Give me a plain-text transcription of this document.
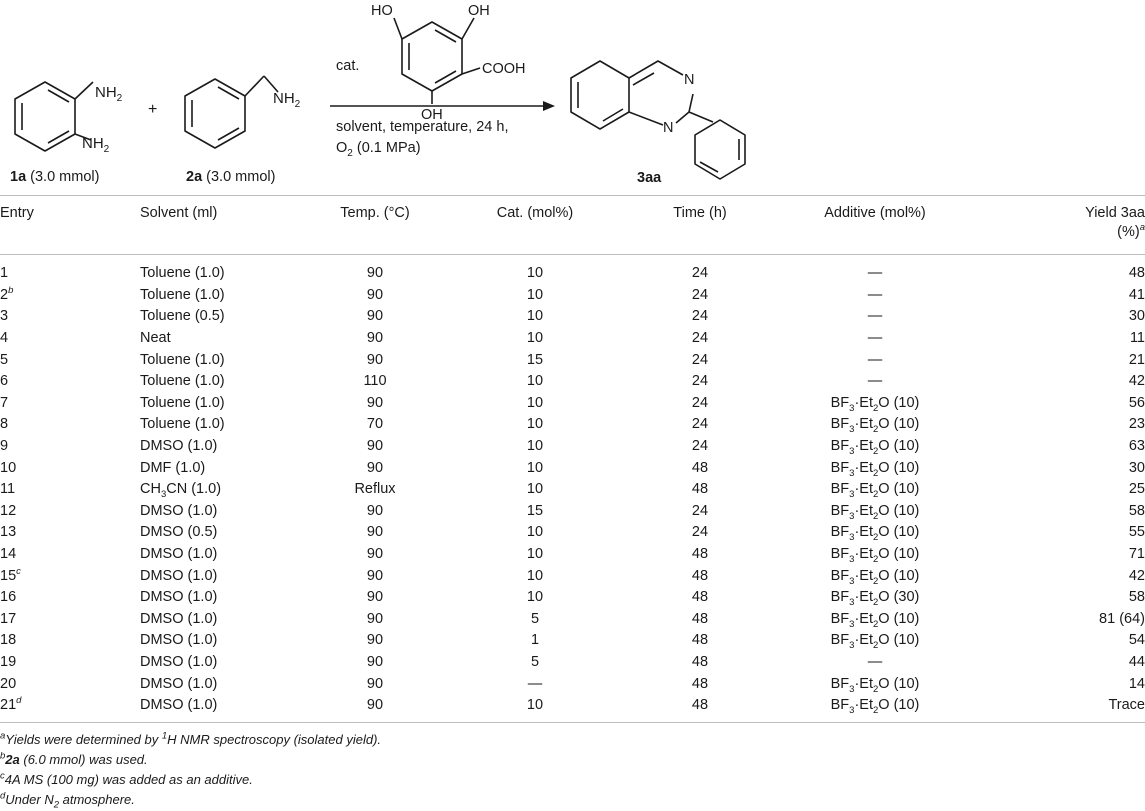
$NH_2$
$NH_2$
1a (3.0 mmol)
+
$NH_2$
2a (3.0 mmol)
cat.
HO	OH
OH
COOH
solvent, temperature, 24 h,
$O_2$ (0.1 MPa)
N
N
3aa
Entry	Solvent (ml)	Temp. (°C)	Cat. (mol%)	Time (h)	Additive (mol%)	Yield 3aa
(%)$^a$
1	Toluene (1.0)	90	10	24	—	48
2$^b$	Toluene (1.0)	90	10	24	—	41
3	Toluene (0.5)	90	10	24	—	30
4	Neat	90	10	24	—	11
5	Toluene (1.0)	90	15	24	—	21
6	Toluene (1.0)	110	10	24	—	42
7	Toluene (1.0)	90	10	24	$BF_3\cdot Et_2O$ (10)	56
8	Toluene (1.0)	70	10	24	$BF_3\cdot Et_2O$ (10)	23
9	DMSO (1.0)	90	10	24	$BF_3\cdot Et_2O$ (10)	63
10	DMF (1.0)	90	10	48	$BF_3\cdot Et_2O$ (10)	30
11	$CH_3CN$ (1.0)	Reflux	10	48	$BF_3\cdot Et_2O$ (10)	25
12	DMSO (1.0)	90	15	24	$BF_3\cdot Et_2O$ (10)	58
13	DMSO (0.5)	90	10	24	$BF_3\cdot Et_2O$ (10)	55
14	DMSO (1.0)	90	10	48	$BF_3\cdot Et_2O$ (10)	71
15$^c$	DMSO (1.0)	90	10	48	$BF_3\cdot Et_2O$ (10)	42
16	DMSO (1.0)	90	10	48	$BF_3\cdot Et_2O$ (30)	58
17	DMSO (1.0)	90	5	48	$BF_3\cdot Et_2O$ (10)	81 (64)
18	DMSO (1.0)	90	1	48	$BF_3\cdot Et_2O$ (10)	54
19	DMSO (1.0)	90	5	48	—	44
20	DMSO (1.0)	90	—	48	$BF_3\cdot Et_2O$ (10)	14
21$^d$	DMSO (1.0)	90	10	48	$BF_3\cdot Et_2O$ (10)	Trace
$^a$Yields were determined by $^1$H NMR spectroscopy (isolated yield).
$^b$2a (6.0 mmol) was used.
$^c$4A MS (100 mg) was added as an additive.
$^d$Under $N_2$ atmosphere.
